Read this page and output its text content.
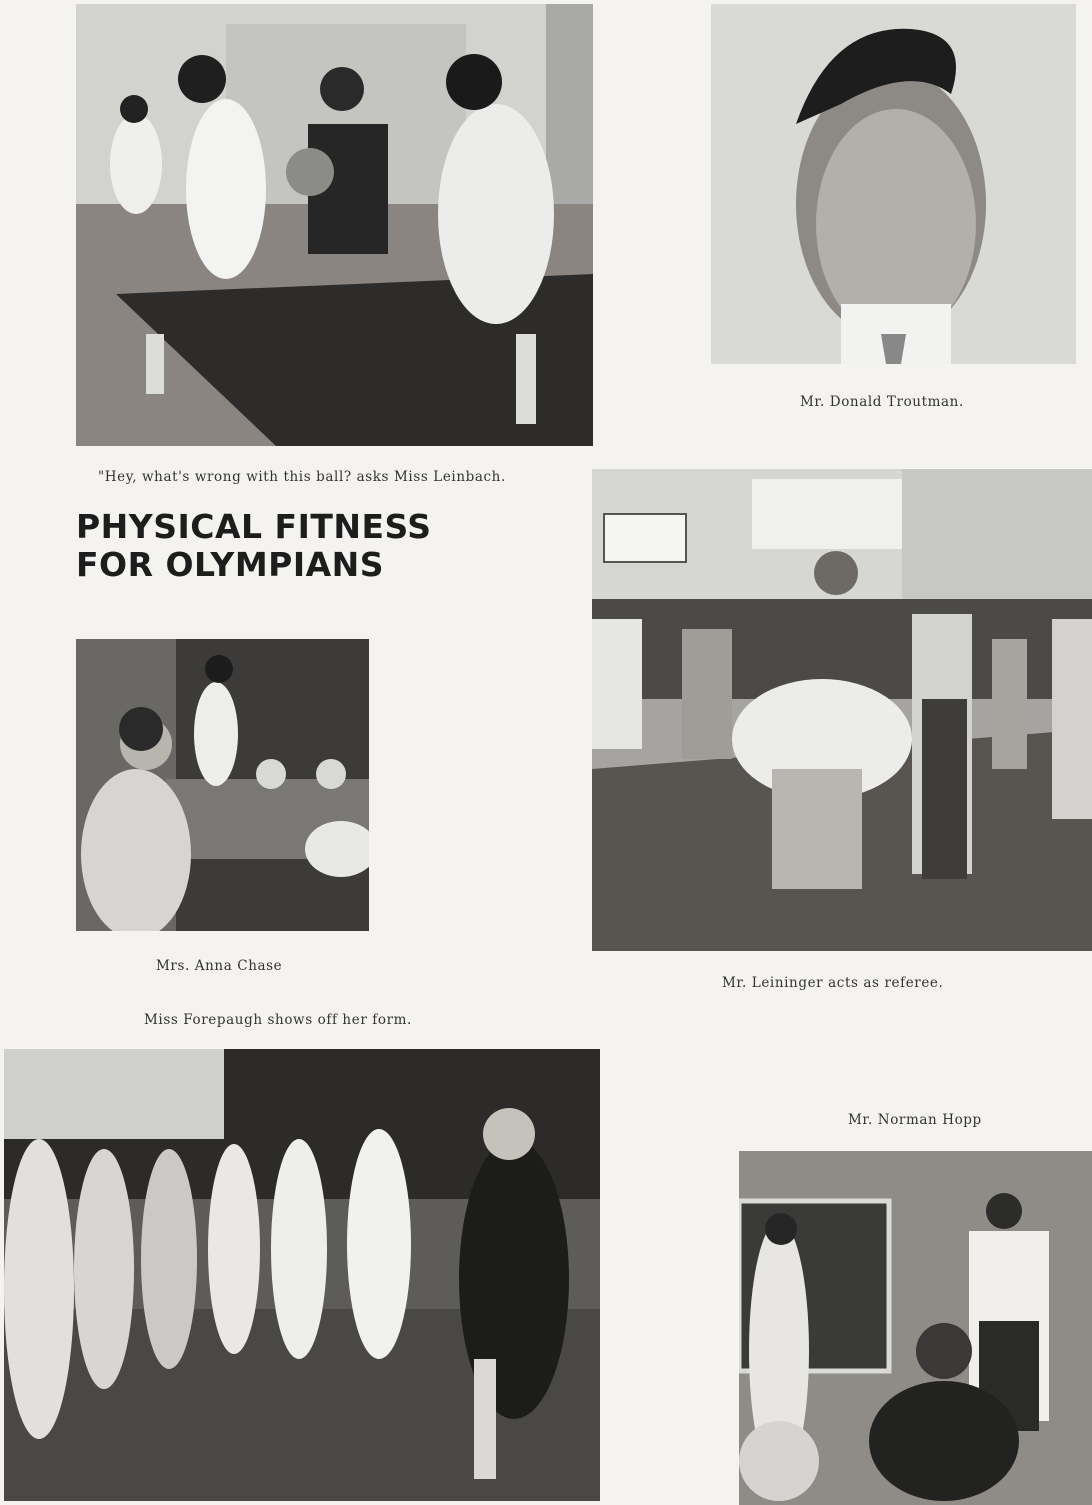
"Hey, what's wrong with this ball? asks Miss Leinbach.
Mr. Donald Troutman.
PHYSICAL FITNESS
FOR OLYMPIANS
Mrs. Anna Chase
Miss Forepaugh shows off her form.
Mr. Leininger acts as referee.
Mr. Norman Hopp
